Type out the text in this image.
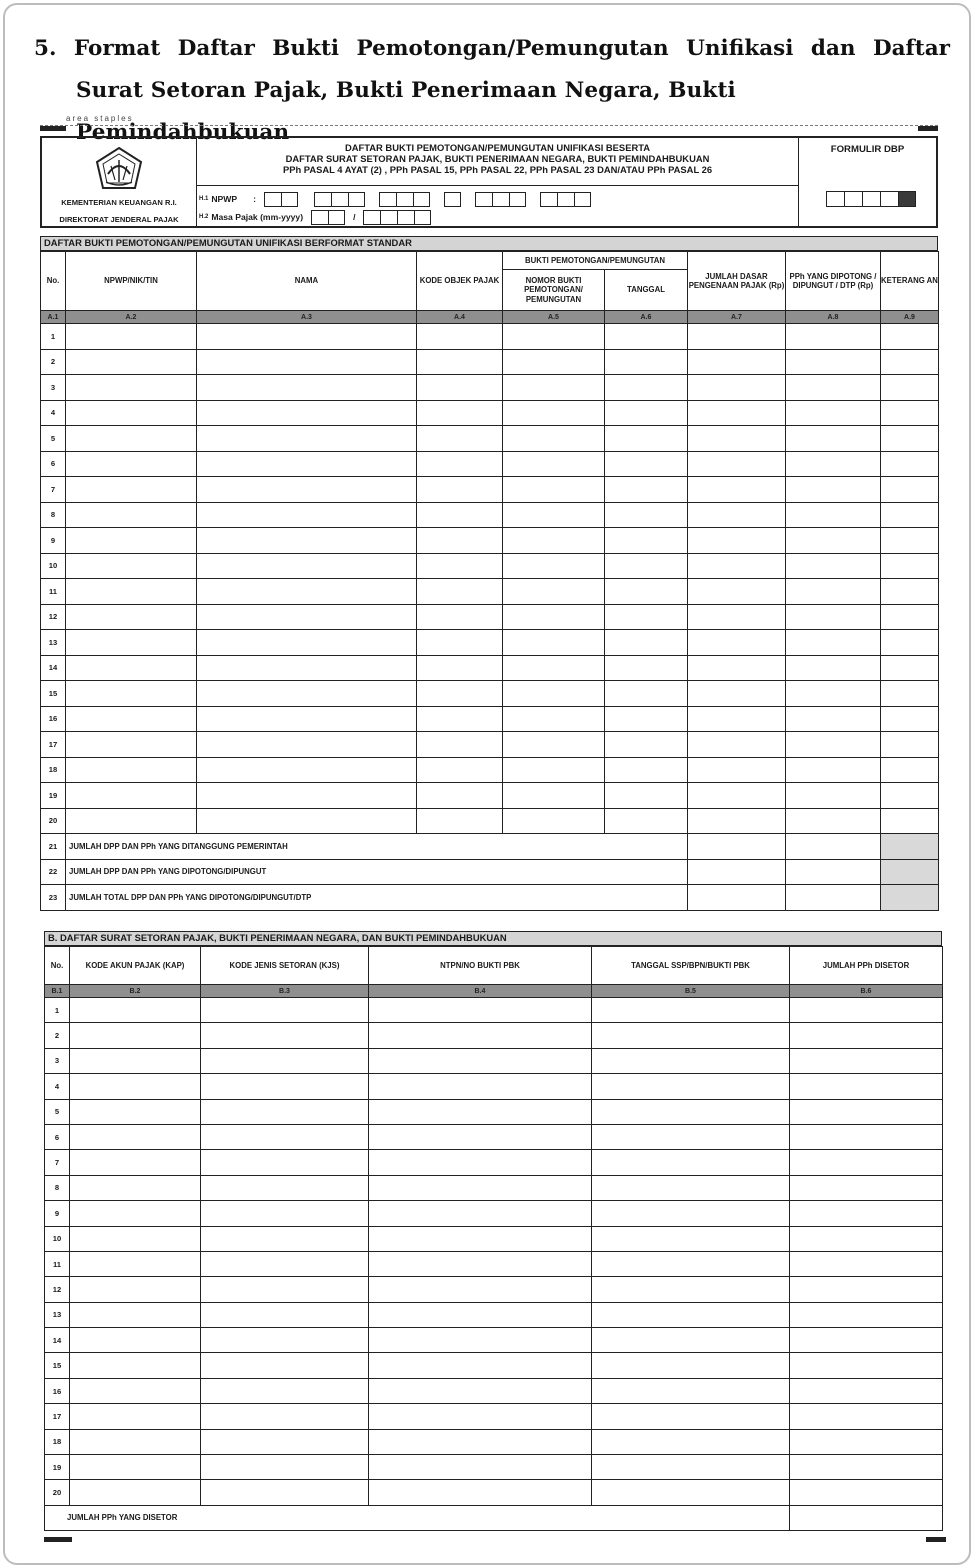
5. Format Daftar Bukti Pemotongan/Pemungutan Unifikasi dan Daftar
Surat Setoran Pajak, Bukti Penerimaan Negara, Bukti Pemindahbukuan
area staples
KEMENTERIAN KEUANGAN R.I.
DIREKTORAT JENDERAL PAJAK
DAFTAR BUKTI PEMOTONGAN/PEMUNGUTAN UNIFIKASI BESERTA
DAFTAR SURAT SETORAN PAJAK, BUKTI PENERIMAAN NEGARA, BUKTI PEMINDAHBUKUAN
PPh PASAL 4 AYAT (2) , PPh PASAL 15, PPh PASAL 22, PPh PASAL 23 DAN/ATAU PPh PASAL 26
H.1 NPWP :
H.2 Masa Pajak (mm-yyyy)	/
FORMULIR DBP
DAFTAR BUKTI PEMOTONGAN/PEMUNGUTAN UNIFIKASI BERFORMAT STANDAR
No.	NPWP/NIK/TIN	NAMA	KODE OBJEK PAJAK	BUKTI PEMOTONGAN/PEMUNGUTAN		JUMLAH DASAR PENGENAAN PAJAK (Rp)	PPh YANG DIPOTONG / DIPUNGUT / DTP (Rp)	KETERANG AN
				NOMOR BUKTI PEMOTONGAN/ PEMUNGUTAN	TANGGAL			
A.1	A.2	A.3	A.4	A.5	A.6	A.7	A.8	A.9
1								
2								
3								
4								
5								
6								
7								
8								
9								
10								
11								
12								
13								
14								
15								
16								
17								
18								
19								
20								
21	JUMLAH DPP DAN PPh YANG DITANGGUNG PEMERINTAH							
22	JUMLAH DPP DAN PPh YANG DIPOTONG/DIPUNGUT							
23	JUMLAH TOTAL DPP DAN PPh YANG DIPOTONG/DIPUNGUT/DTP							
B. DAFTAR SURAT SETORAN PAJAK, BUKTI PENERIMAAN NEGARA, DAN BUKTI PEMINDAHBUKUAN
No.	KODE AKUN PAJAK (KAP)	KODE JENIS SETORAN (KJS)	NTPN/NO BUKTI PBK	TANGGAL SSP/BPN/BUKTI PBK	JUMLAH PPh DISETOR
B.1	B.2	B.3	B.4	B.5	B.6
1					
2					
3					
4					
5					
6					
7					
8					
9					
10					
11					
12					
13					
14					
15					
16					
17					
18					
19					
20					
JUMLAH PPh YANG DISETOR					
